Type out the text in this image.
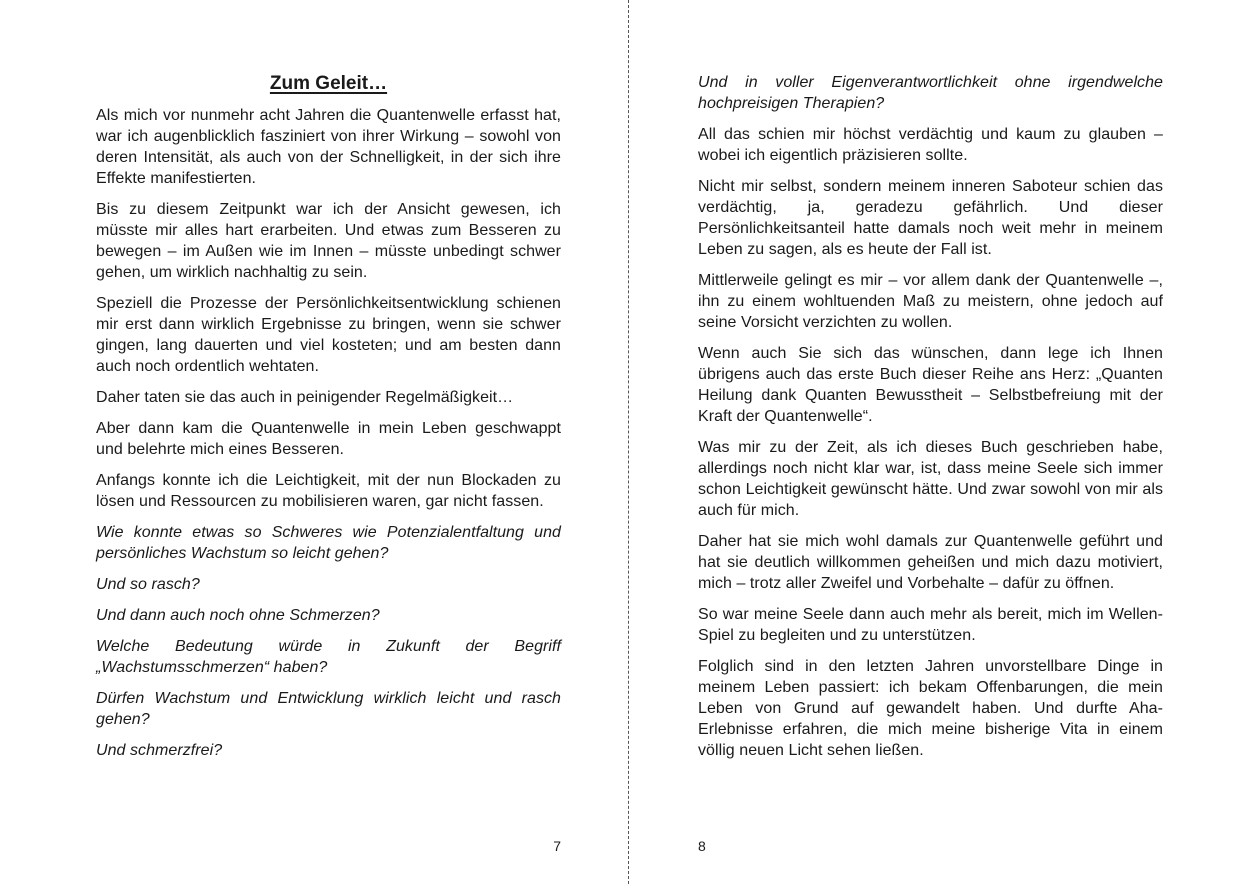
Zum Geleit…

Als mich vor nunmehr acht Jahren die Quantenwelle erfasst hat, war ich augenblicklich fasziniert von ihrer Wirkung – sowohl von deren Intensität, als auch von der Schnelligkeit, in der sich ihre Effekte manifestierten.

Bis zu diesem Zeitpunkt war ich der Ansicht gewesen, ich müsste mir alles hart erarbeiten. Und etwas zum Besseren zu bewegen – im Außen wie im Innen – müsste unbedingt schwer gehen, um wirklich nachhaltig zu sein.

Speziell die Prozesse der Persönlichkeitsentwicklung schienen mir erst dann wirklich Ergebnisse zu bringen, wenn sie schwer gingen, lang dauerten und viel kosteten; und am besten dann auch noch ordentlich wehtaten.

Daher taten sie das auch in peinigender Regelmäßigkeit…

Aber dann kam die Quantenwelle in mein Leben geschwappt und belehrte mich eines Besseren.

Anfangs konnte ich die Leichtigkeit, mit der nun Blockaden zu lösen und Ressourcen zu mobilisieren waren, gar nicht fassen.

Wie konnte etwas so Schweres wie Potenzialentfaltung und persönliches Wachstum so leicht gehen?

Und so rasch?

Und dann auch noch ohne Schmerzen?

Welche Bedeutung würde in Zukunft der Begriff „Wachstumsschmerzen“ haben?

Dürfen Wachstum und Entwicklung wirklich leicht und rasch gehen?

Und schmerzfrei?

7

Und in voller Eigenverantwortlichkeit ohne irgendwelche hochpreisigen Therapien?

All das schien mir höchst verdächtig und kaum zu glauben – wobei ich eigentlich präzisieren sollte.

Nicht mir selbst, sondern meinem inneren Saboteur schien das verdächtig, ja, geradezu gefährlich. Und dieser Persönlichkeitsanteil hatte damals noch weit mehr in meinem Leben zu sagen, als es heute der Fall ist.

Mittlerweile gelingt es mir – vor allem dank der Quantenwelle –, ihn zu einem wohltuenden Maß zu meistern, ohne jedoch auf seine Vorsicht verzichten zu wollen.

Wenn auch Sie sich das wünschen, dann lege ich Ihnen übrigens auch das erste Buch dieser Reihe ans Herz: „Quanten Heilung dank Quanten Bewusstheit – Selbstbefreiung mit der Kraft der Quantenwelle“.

Was mir zu der Zeit, als ich dieses Buch geschrieben habe, allerdings noch nicht klar war, ist, dass meine Seele sich immer schon Leichtigkeit gewünscht hätte. Und zwar sowohl von mir als auch für mich.

Daher hat sie mich wohl damals zur Quantenwelle geführt und hat sie deutlich willkommen geheißen und mich dazu motiviert, mich – trotz aller Zweifel und Vorbehalte – dafür zu öffnen.

So war meine Seele dann auch mehr als bereit, mich im Wellen-Spiel zu begleiten und zu unterstützen.

Folglich sind in den letzten Jahren unvorstellbare Dinge in meinem Leben passiert: ich bekam Offenbarungen, die mein Leben von Grund auf gewandelt haben. Und durfte Aha-Erlebnisse erfahren, die mich meine bisherige Vita in einem völlig neuen Licht sehen ließen.

8
